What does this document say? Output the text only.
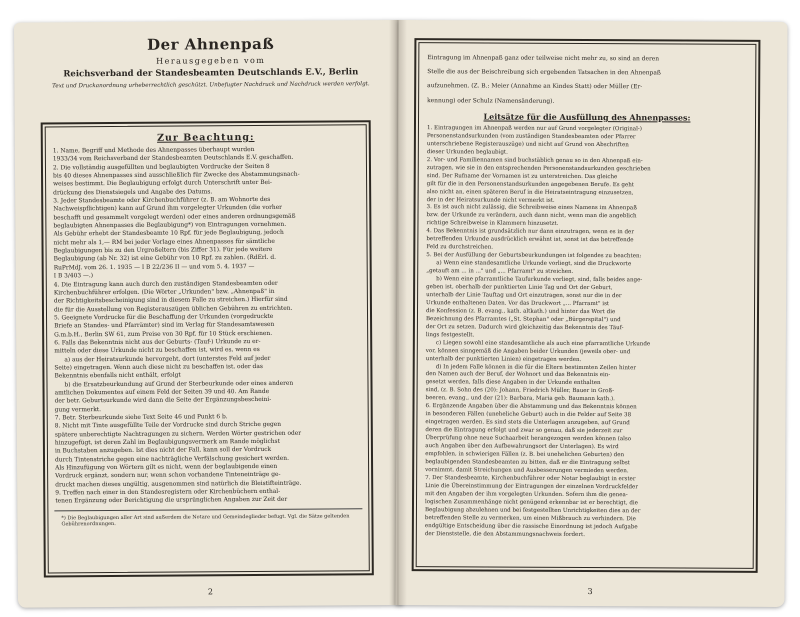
Der Ahnenpaß
Herausgegeben vom
Reichsverband der Standesbeamten Deutschlands E.V., Berlin
Text und Druckanordnung urheberrechtlich geschützt. Unbefugter Nachdruck und Nachdruck werden verfolgt.
Zur Beachtung:

1. Name, Begriff und Methode des Ahnenpasses überhaupt wurden

1933/34 vom Reichsverband der Standesbeamten Deutschlands E.V. geschaffen.

2. Die vollständig ausgefüllten und beglaubigten Vordrucke der Seiten 8

bis 40 dieses Ahnenpasses sind ausschließlich für Zwecke des Abstammungsnach-

weises bestimmt. Die Beglaubigung erfolgt durch Unterschrift unter Bei-

drückung des Dienstsiegels und Angabe des Datums.

3. Jeder Standesbeamte oder Kirchenbuchführer (z. B. am Wohnorte des

Nachweispflichtigen) kann auf Grund ihm vorgelegter Urkunden (die vorher

beschafft und gesammelt vorgelegt werden) oder eines anderen ordnungsgemäß

beglaubigten Ahnenpasses die Beglaubigung*) von Eintragungen vornehmen.

Als Gebühr erhebt der Standesbeamte 10 Rpf. für jede Beglaubigung, jedoch

nicht mehr als 1,— RM bei jeder Vorlage eines Ahnenpasses für sämtliche

Beglaubigungen bis zu den Urgroßeltern (bis Ziffer 31). Für jede weitere

Beglaubigung (ab Nr. 32) ist eine Gebühr von 10 Rpf. zu zahlen. (RdErl. d.

RuPrMdJ. vom 26. 1. 1935 — I B 22/236 II — und vom 5. 4. 1937 —

I B 3/403 —.)

4. Die Eintragung kann auch durch den zuständigen Standesbeamten oder

Kirchenbuchführer erfolgen. (Die Wörter „Urkunden" bzw. „Ahnenpaß" in

der Richtigkeitsbescheinigung sind in diesem Falle zu streichen.) Hierfür sind

die für die Ausstellung von Registerauszügen üblichen Gebühren zu entrichten.

5. Geeignete Vordrucke für die Beschaffung der Urkunden (vorgedruckte

Briefe an Standes- und Pfarrämter) sind im Verlag für Standesamtswesen

G.m.b.H., Berlin SW 61, zum Preise von 30 Rpf. für 10 Stück erschienen.

6. Falls das Bekenntnis nicht aus der Geburts- (Tauf-) Urkunde zu er-

mitteln oder diese Urkunde nicht zu beschaffen ist, wird es, wenn es

a) aus der Heiratsurkunde hervorgeht, dort (unterstes Feld auf jeder

Seite) eingetragen. Wenn auch diese nicht zu beschaffen ist, oder das

Bekenntnis ebenfalls nicht enthält, erfolgt

b) die Ersatzbeurkundung auf Grund der Sterbeurkunde oder eines anderen

amtlichen Dokumentes auf einem Feld der Seiten 39 und 40. Am Rande

der betr. Geburtsurkunde wird dann die Seite der Ergänzungsbescheini-

gung vermerkt.

7. Betr. Sterbeurkunde siehe Text Seite 46 und Punkt 6 b.

8. Nicht mit Tinte ausgefüllte Teile der Vordrucke sind durch Striche gegen

spätere unberechtigte Nachtragungen zu sichern. Werden Wörter gestrichen oder

hinzugefügt, ist deren Zahl im Beglaubigungsvermerk am Rande möglichst

in Buchstaben anzugeben. Ist dies nicht der Fall, kann soll der Vordruck

durch Tintenstriche gegen eine nachträgliche Verfälschung gesichert werden.

Als Hinzufügung von Wörtern gilt es nicht, wenn der beglaubigende einen

Vordruck ergänzt, sondern nur, wenn schon vorhandene Tinteneinträge ge-

druckt machen dieses ungültig, ausgenommen sind natürlich die Bleistifteinträge.

9. Treffen nach einer in den Standesregistern oder Kirchenbüchern enthal-

tenen Ergänzung oder Berichtigung die ursprünglichen Angaben zur Zeit der

*) Die Beglaubigungen aller Art sind außerdem die Notare und Gemeindeglieder befugt. Vgl. die Sätze geltenden Gebührenordnungen.
2

Eintragung im Ahnenpaß ganz oder teilweise nicht mehr zu, so sind an deren

Stelle die aus der Beischreibung sich ergebenden Tatsachen in den Ahnenpaß

aufzunehmen. (Z. B.: Meier (Annahme an Kindes Statt) oder Müller (Er-

kennung) oder Schulz (Namensänderung).

Leitsätze für die Ausfüllung des Ahnenpasses:

1. Eintragungen im Ahnenpaß werden nur auf Grund vorgelegter (Original-)

Personenstandsurkunden (vom zuständigen Standesbeamten oder Pfarrer

unterschriebene Registerauszüge) und nicht auf Grund von Abschriften

dieser Urkunden beglaubigt.

2. Vor- und Familiennamen sind buchstäblich genau so in den Ahnenpaß ein-

zutragen, wie sie in den entsprechenden Personenstandsurkunden geschrieben

sind. Der Rufname der Vornamen ist zu unterstreichen. Das gleiche

gilt für die in den Personenstandsurkunden angegebenen Berufe. Es geht

also nicht an, einen späteren Beruf in die Heiratseintragung einzusetzen,

der in der Heiratsurkunde nicht vermerkt ist.

3. Es ist auch nicht zulässig, die Schreibweise eines Namens im Ahnenpaß

bzw. der Urkunde zu verändern, auch dann nicht, wenn man die angeblich

richtige Schreibweise in Klammern hinzusetzt.

4. Das Bekenntnis ist grundsätzlich nur dann einzutragen, wenn es in der

betreffenden Urkunde ausdrücklich erwähnt ist, sonst ist das betreffende

Feld zu durchstreichen.

5. Bei der Ausfüllung der Geburtsbeurkundungen ist folgendes zu beachten:

a) Wenn eine standesamtliche Urkunde vorliegt, sind die Druckworte

„getauft am ... in ..." und „... Pfarramt" zu streichen.

b) Wenn eine pfarramtliche Taufurkunde vorliegt, sind, falls beides ange-

geben ist, oberhalb der punktierten Linie Tag und Ort der Geburt,

unterhalb der Linie Tauftag und Ort einzutragen, sonst nur die in der

Urkunde enthaltenen Daten. Vor das Druckwort „... Pfarramt" ist

die Konfession (z. B. evang., kath. altkath.) und hinter das Wort die

Bezeichnung des Pfarramtes („St. Stephan" oder „Bürgerspital") und

der Ort zu setzen. Dadurch wird gleichzeitig das Bekenntnis des Täuf-

lings festgestellt.

c) Liegen sowohl eine standesamtliche als auch eine pfarramtliche Urkunde

vor, können sinngemäß die Angaben beider Urkunden (jeweils ober- und

unterhalb der punktierten Linien) eingetragen werden.

d) In jedem Falle können in die für die Eltern bestimmten Zeilen hinter

den Namen auch der Beruf, der Wohnort und das Bekenntnis ein-

gesetzt werden, falls diese Angaben in der Urkunde enthalten

sind, (z. B. Sohn des (20): Johann, Friedrich Müller, Bauer in Groß-

beeren, evang., und der (21): Barbara, Maria geb. Baumann kath.).

6. Ergänzende Angaben über die Abstammung und das Bekenntnis können

in besonderen Fällen (uneheliche Geburt) auch in die Felder auf Seite 38

eingetragen werden. Es sind stets die Unterlagen anzugeben, auf Grund

deren die Eintragung erfolgt und zwar so genau, daß sie jederzeit zur

Überprüfung ohne neue Suchaarbeit herangezogen werden können (also

auch Angaben über den Aufbewahrungsort der Unterlagen). Es wird

empfohlen, in schwierigen Fällen (z. B. bei unehelichen Geburten) den

beglaubigenden Standesbeamten zu bitten, daß er die Eintragung selbst

vornimmt, damit Streichungen und Ausbesserungen vermieden werden.

7. Der Standesbeamte, Kirchenbuchführer oder Notar beglaubigt in erster

Linie die Übereinstimmung der Eintragungen der einzelnen Vordruckfelder

mit den Angaben der ihm vorgelegten Urkunden. Sofern ihm die genea-

logischen Zusammenhänge nicht genügend erkennbar ist er berechtigt, die

Beglaubigung abzulehnen und bei festgestellten Unrichtigkeiten dies an der

betreffenden Stelle zu vermerken, um einen Mißbrauch zu verhindern. Die

endgültige Entscheidung über die rassische Einordnung ist jedoch Aufgabe

der Dienststelle, die den Abstammungsnachweis fordert.

3
